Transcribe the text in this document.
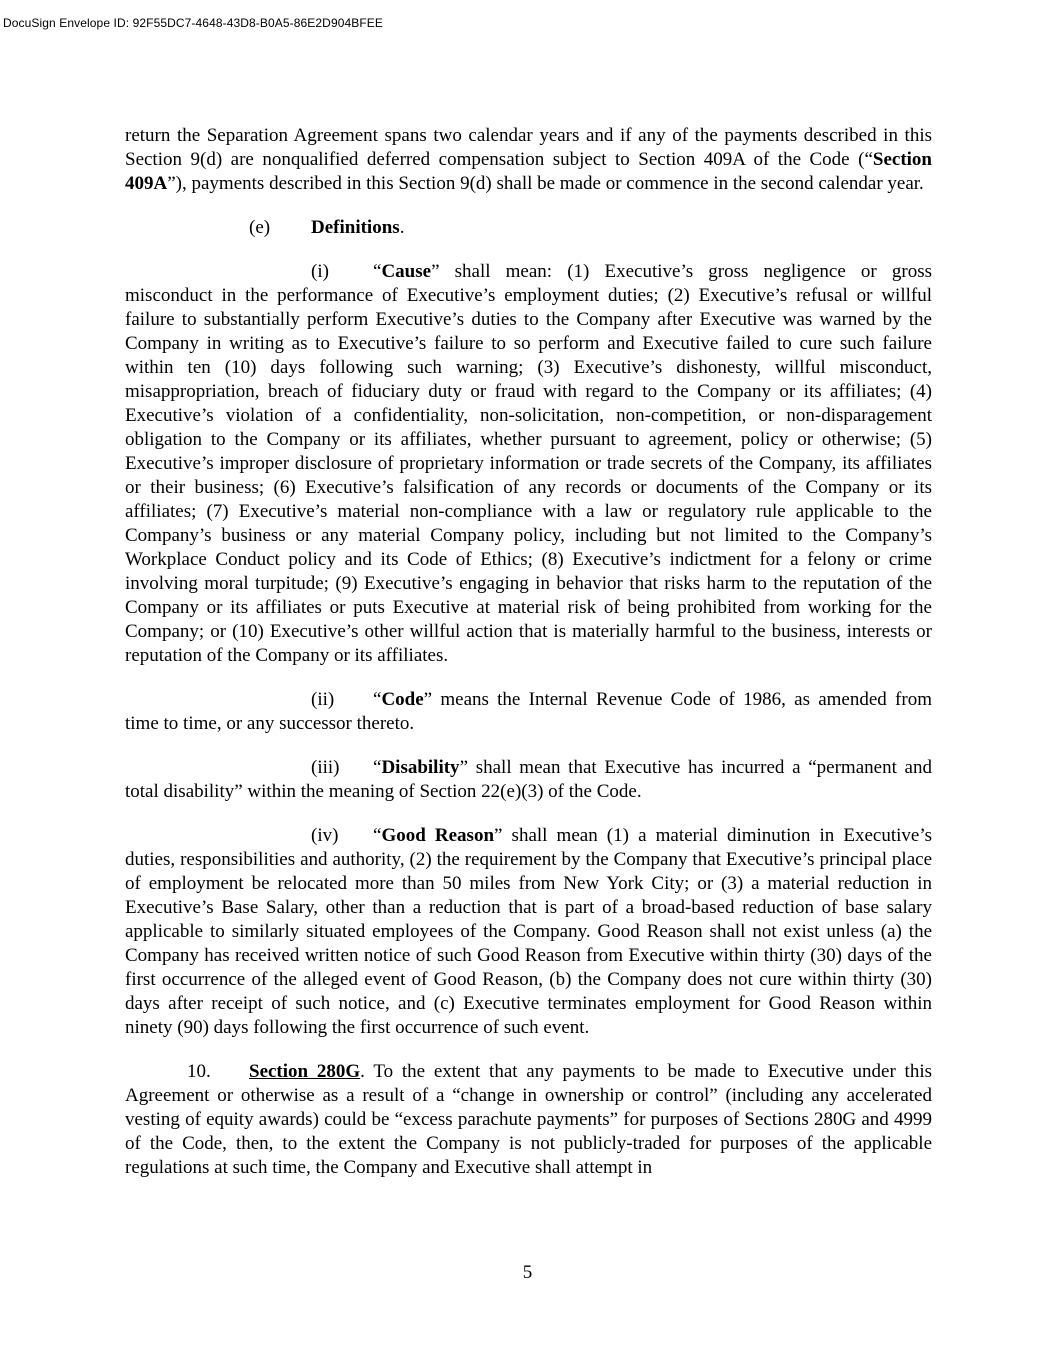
DocuSign Envelope ID: 92F55DC7-4648-43D8-B0A5-86E2D904BFEE

return the Separation Agreement spans two calendar years and if any of the payments described in this Section 9(d) are nonqualified deferred compensation subject to Section 409A of the Code (“Section 409A”), payments described in this Section 9(d) shall be made or commence in the second calendar year.

(e) Definitions.

(i) “Cause” shall mean: (1) Executive’s gross negligence or gross misconduct in the performance of Executive’s employment duties; (2) Executive’s refusal or willful failure to substantially perform Executive’s duties to the Company after Executive was warned by the Company in writing as to Executive’s failure to so perform and Executive failed to cure such failure within ten (10) days following such warning; (3) Executive’s dishonesty, willful misconduct, misappropriation, breach of fiduciary duty or fraud with regard to the Company or its affiliates; (4) Executive’s violation of a confidentiality, non-solicitation, non-competition, or non-disparagement obligation to the Company or its affiliates, whether pursuant to agreement, policy or otherwise; (5) Executive’s improper disclosure of proprietary information or trade secrets of the Company, its affiliates or their business; (6) Executive’s falsification of any records or documents of the Company or its affiliates; (7) Executive’s material non-compliance with a law or regulatory rule applicable to the Company’s business or any material Company policy, including but not limited to the Company’s Workplace Conduct policy and its Code of Ethics; (8) Executive’s indictment for a felony or crime involving moral turpitude; (9) Executive’s engaging in behavior that risks harm to the reputation of the Company or its affiliates or puts Executive at material risk of being prohibited from working for the Company; or (10) Executive’s other willful action that is materially harmful to the business, interests or reputation of the Company or its affiliates.

(ii) “Code” means the Internal Revenue Code of 1986, as amended from time to time, or any successor thereto.

(iii) “Disability” shall mean that Executive has incurred a “permanent and total disability” within the meaning of Section 22(e)(3) of the Code.

(iv) “Good Reason” shall mean (1) a material diminution in Executive’s duties, responsibilities and authority, (2) the requirement by the Company that Executive’s principal place of employment be relocated more than 50 miles from New York City; or (3) a material reduction in Executive’s Base Salary, other than a reduction that is part of a broad-based reduction of base salary applicable to similarly situated employees of the Company. Good Reason shall not exist unless (a) the Company has received written notice of such Good Reason from Executive within thirty (30) days of the first occurrence of the alleged event of Good Reason, (b) the Company does not cure within thirty (30) days after receipt of such notice, and (c) Executive terminates employment for Good Reason within ninety (90) days following the first occurrence of such event.

10. Section 280G. To the extent that any payments to be made to Executive under this Agreement or otherwise as a result of a “change in ownership or control” (including any accelerated vesting of equity awards) could be “excess parachute payments” for purposes of Sections 280G and 4999 of the Code, then, to the extent the Company is not publicly-traded for purposes of the applicable regulations at such time, the Company and Executive shall attempt in

5
